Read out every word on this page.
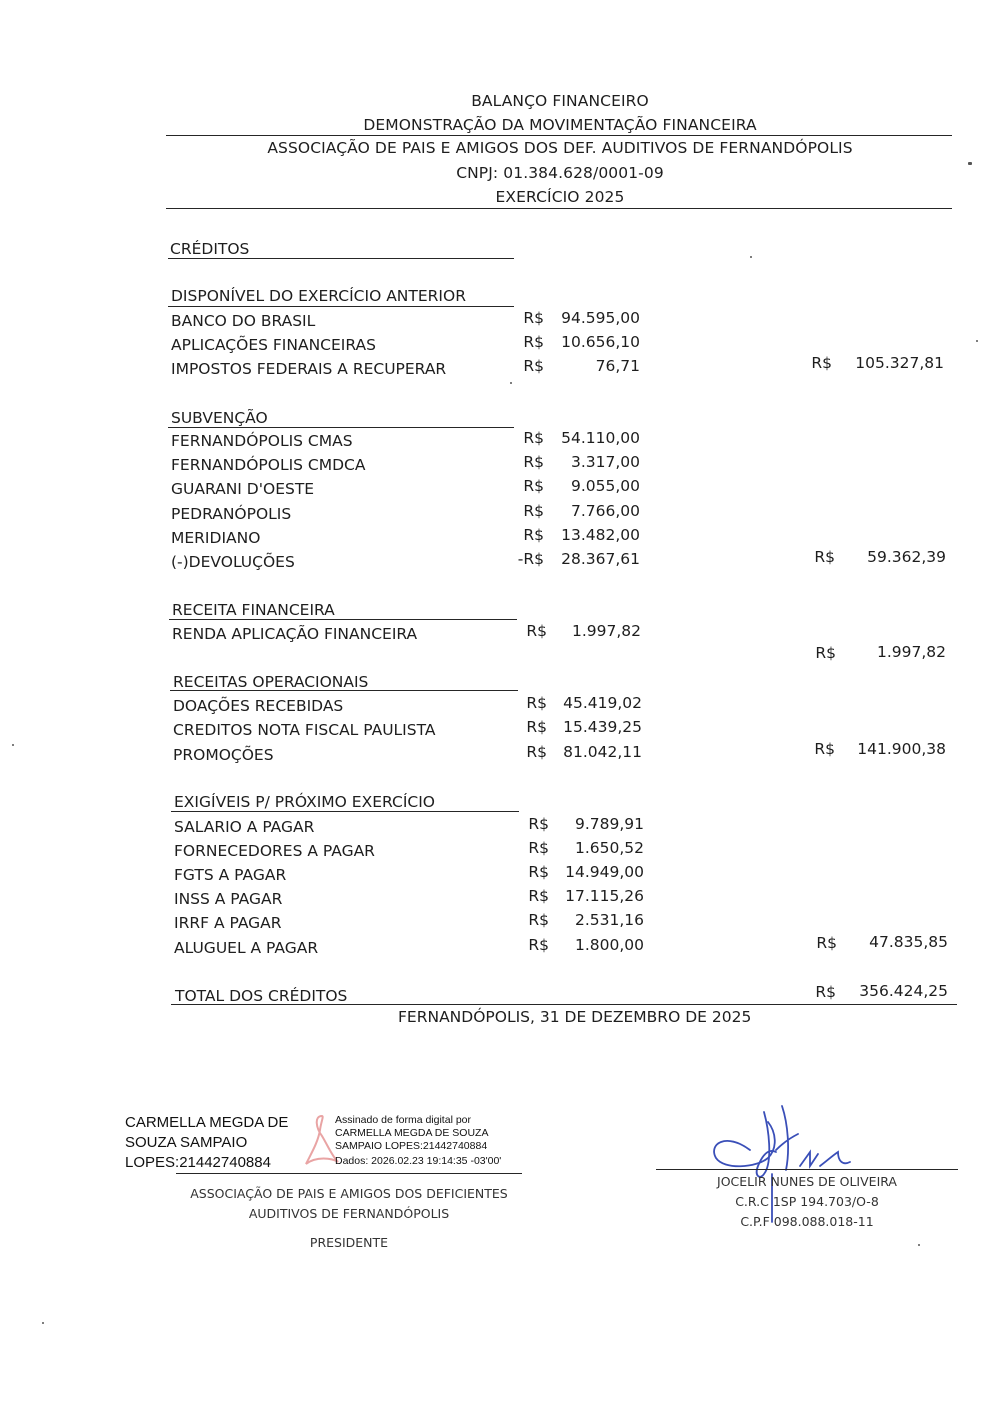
BALANÇO FINANCEIRO
DEMONSTRAÇÃO DA MOVIMENTAÇÃO FINANCEIRA
ASSOCIAÇÃO DE PAIS E AMIGOS DOS DEF. AUDITIVOS DE FERNANDÓPOLIS
CNPJ: 01.384.628/0001-09
EXERCÍCIO 2025
CRÉDITOS
DISPONÍVEL DO EXERCÍCIO ANTERIOR
BANCO DO BRASIL	R$	94.595,00
APLICAÇÕES FINANCEIRAS	R$	10.656,10
IMPOSTOS FEDERAIS A RECUPERAR	R$	76,71	R$	105.327,81
SUBVENÇÃO
FERNANDÓPOLIS CMAS	R$	54.110,00
FERNANDÓPOLIS CMDCA	R$	3.317,00
GUARANI D'OESTE	R$	9.055,00
PEDRANÓPOLIS	R$	7.766,00
MERIDIANO	R$	13.482,00
(-)DEVOLUÇÕES	-R$	28.367,61	R$	59.362,39
RECEITA FINANCEIRA
RENDA APLICAÇÃO FINANCEIRA	R$	1.997,82
R$	1.997,82
RECEITAS OPERACIONAIS
DOAÇÕES RECEBIDAS	R$	45.419,02
CREDITOS NOTA FISCAL PAULISTA	R$	15.439,25
PROMOÇÕES	R$	81.042,11	R$	141.900,38
EXIGÍVEIS P/ PRÓXIMO EXERCÍCIO
SALARIO A PAGAR	R$	9.789,91
FORNECEDORES A PAGAR	R$	1.650,52
FGTS A PAGAR	R$	14.949,00
INSS A PAGAR	R$	17.115,26
IRRF A PAGAR	R$	2.531,16
ALUGUEL A PAGAR	R$	1.800,00	R$	47.835,85
TOTAL DOS CRÉDITOS	R$	356.424,25
FERNANDÓPOLIS, 31 DE DEZEMBRO DE 2025
CARMELLA MEGDA DE
SOUZA SAMPAIO
LOPES:21442740884
Assinado de forma digital por
CARMELLA MEGDA DE SOUZA
SAMPAIO LOPES:21442740884
Dados: 2026.02.23 19:14:35 -03'00'
ASSOCIAÇÃO DE PAIS E AMIGOS DOS DEFICIENTES
AUDITIVOS DE FERNANDÓPOLIS
PRESIDENTE
JOCELIR NUNES DE OLIVEIRA
C.R.C 1SP 194.703/O-8
C.P.F 098.088.018-11
